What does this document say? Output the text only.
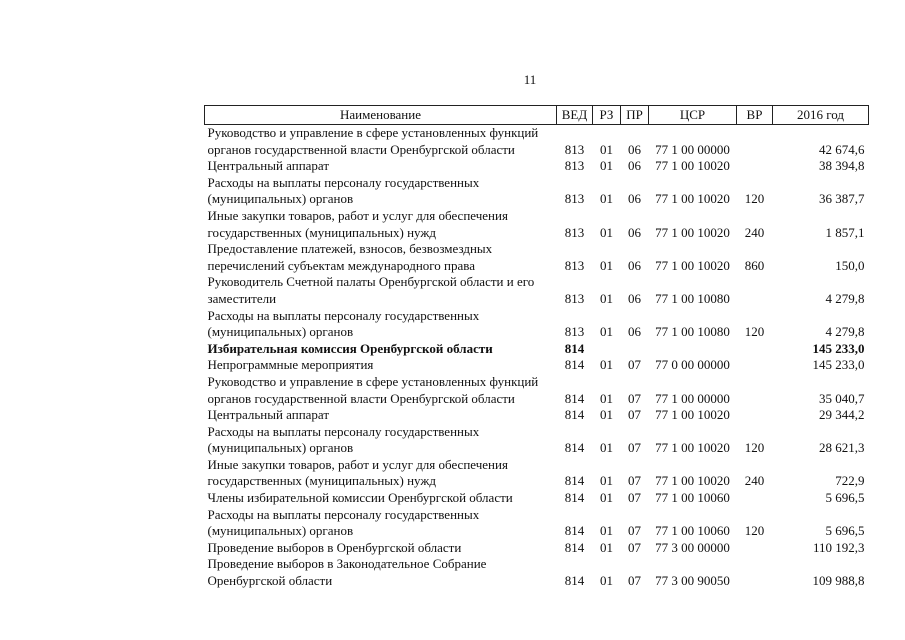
11
Наименование	ВЕД	РЗ	ПР	ЦСР	ВР	2016 год
Руководство и управление в сфере установленных функций органов государственной власти Оренбургской области	813	01	06	77 1 00 00000		42 674,6
Центральный аппарат	813	01	06	77 1 00 10020		38 394,8
Расходы на выплаты персоналу государственных (муниципальных) органов	813	01	06	77 1 00 10020	120	36 387,7
Иные закупки товаров, работ и услуг для обеспечения государственных (муниципальных) нужд	813	01	06	77 1 00 10020	240	1 857,1
Предоставление платежей, взносов, безвозмездных перечислений субъектам международного права	813	01	06	77 1 00 10020	860	150,0
Руководитель Счетной палаты Оренбургской области и его заместители	813	01	06	77 1 00 10080		4 279,8
Расходы на выплаты персоналу государственных (муниципальных) органов	813	01	06	77 1 00 10080	120	4 279,8
Избирательная комиссия Оренбургской области	814					145 233,0
Непрограммные мероприятия	814	01	07	77 0 00 00000		145 233,0
Руководство и управление в сфере установленных функций органов государственной власти Оренбургской области	814	01	07	77 1 00 00000		35 040,7
Центральный аппарат	814	01	07	77 1 00 10020		29 344,2
Расходы на выплаты персоналу государственных (муниципальных) органов	814	01	07	77 1 00 10020	120	28 621,3
Иные закупки товаров, работ и услуг для обеспечения государственных (муниципальных) нужд	814	01	07	77 1 00 10020	240	722,9
Члены избирательной комиссии Оренбургской области	814	01	07	77 1 00 10060		5 696,5
Расходы на выплаты персоналу государственных (муниципальных) органов	814	01	07	77 1 00 10060	120	5 696,5
Проведение выборов в Оренбургской области	814	01	07	77 3 00 00000		110 192,3
Проведение выборов в Законодательное Собрание Оренбургской области	814	01	07	77 3 00 90050		109 988,8
